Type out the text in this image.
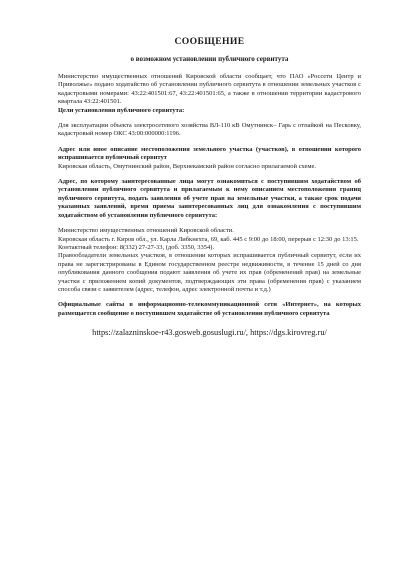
СООБЩЕНИЕ
о возможном установлении публичного сервитута

Министерство имущественных отношений Кировской области сообщает, что ПАО «Россети Центр и Приволжье» подано ходатайство об установлении публичного сервитута в отношении земельных участков с кадастровыми номерами: 43:22:401501:67, 43:22:401501:65, а также в отношении территории кадастрового квартала 43:22:401501.

Цели установления публичного сервитута:

Для эксплуатации объекта электросетевого хозяйства ВЛ-110 кВ Омутнинск– Гарь с отпайкой на Песковку, кадастровый номер ОКС 43:00:000000:1196.

Адрес или иное описание местоположения земельного участка (участков), в отношении которого испрашивается публичный сервитут

Кировская область, Омутнинский район, Верхнекамский район согласно прилагаемой схеме.

Адрес, по которому заинтересованные лица могут ознакомиться с поступившим ходатайством об установлении публичного сервитута и прилагаемым к нему описанием местоположения границ публичного сервитута, подать заявления об учете прав на земельные участки, а также срок подачи указанных заявлений, время приема заинтересованных лиц для ознакомления с поступившим ходатайством об установлении публичного сервитута:

Министерство имущественных отношений Кировской области.

Кировская область г. Киров обл., ул. Карла Либкнехта, 69, каб. 445 с 9:00 до 18:00, перерыв с 12:30 до 13:15.

Контактный телефон: 8(332) 27-27-33, (доб. 3350, 3354).

Правообладатели земельных участков, в отношении которых испрашивается публичный сервитут, если их права не зарегистрированы в Едином государственном реестре недвижимости, в течение 15 дней со дня опубликования данного сообщения подают заявления об учете их прав (обременений прав) на земельные участки с приложением копий документов, подтверждающих эти права (обременения прав) с указанием способа связи с заявителем (адрес, телефон, адрес электронной почты и т.д.)

Официальные сайты в информационно-телекоммуникационной сети «Интернет», на которых размещается сообщение о поступившем ходатайстве об установлении публичного сервитута

https://zalazninskoe-r43.gosweb.gosuslugi.ru/, https://dgs.kirovreg.ru/
